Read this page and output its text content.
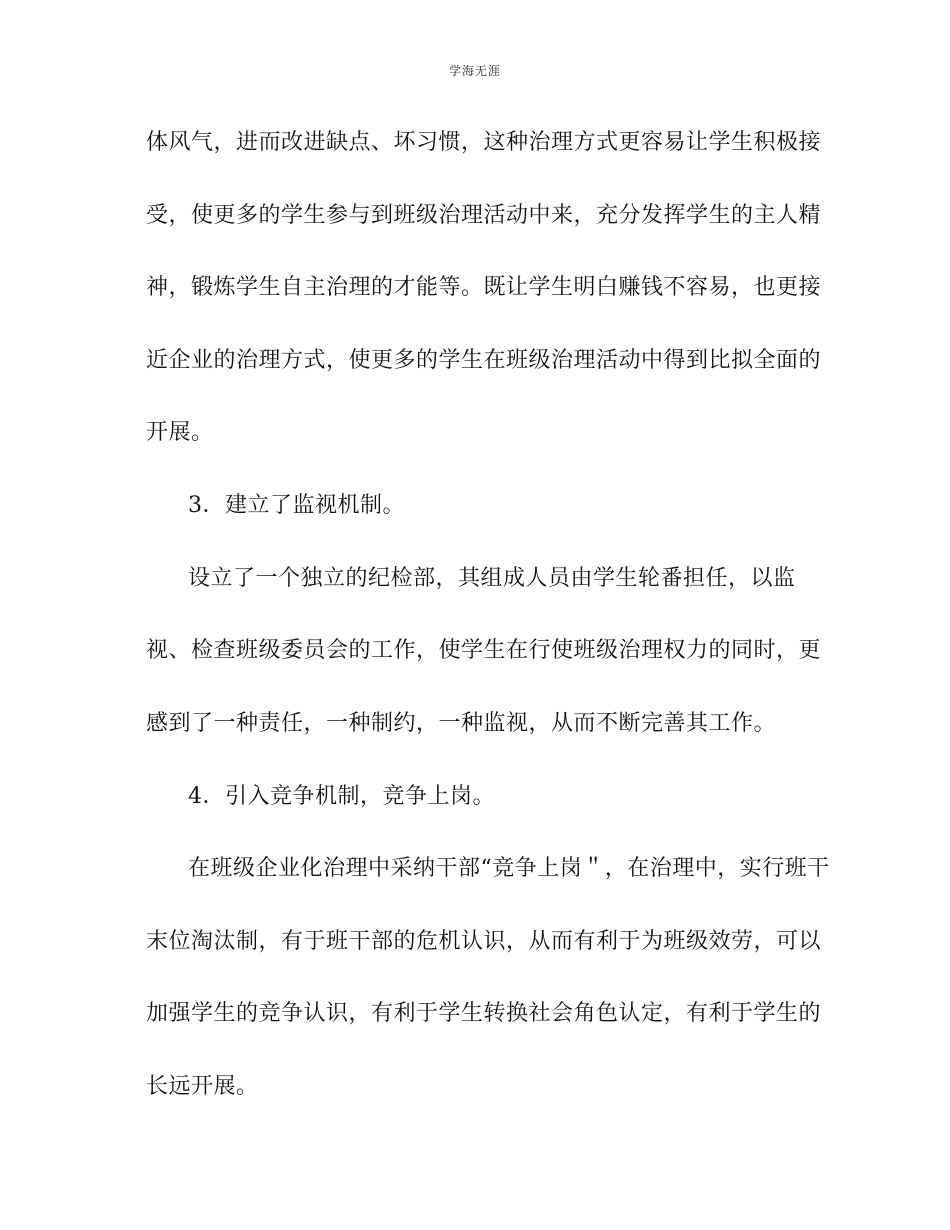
学海无涯
体风气，进而改进缺点、坏习惯，这种治理方式更容易让学生积极接
受，使更多的学生参与到班级治理活动中来，充分发挥学生的主人精
神，锻炼学生自主治理的才能等。既让学生明白赚钱不容易，也更接
近企业的治理方式，使更多的学生在班级治理活动中得到比拟全面的
开展。
3．建立了监视机制。
设立了一个独立的纪检部，其组成人员由学生轮番担任，以监
视、检查班级委员会的工作，使学生在行使班级治理权力的同时，更
感到了一种责任，一种制约，一种监视，从而不断完善其工作。
4．引入竞争机制，竞争上岗。
在班级企业化治理中采纳干部“竞争上岗＂，在治理中，实行班干
末位淘汰制，有于班干部的危机认识，从而有利于为班级效劳，可以
加强学生的竞争认识，有利于学生转换社会角色认定，有利于学生的
长远开展。
